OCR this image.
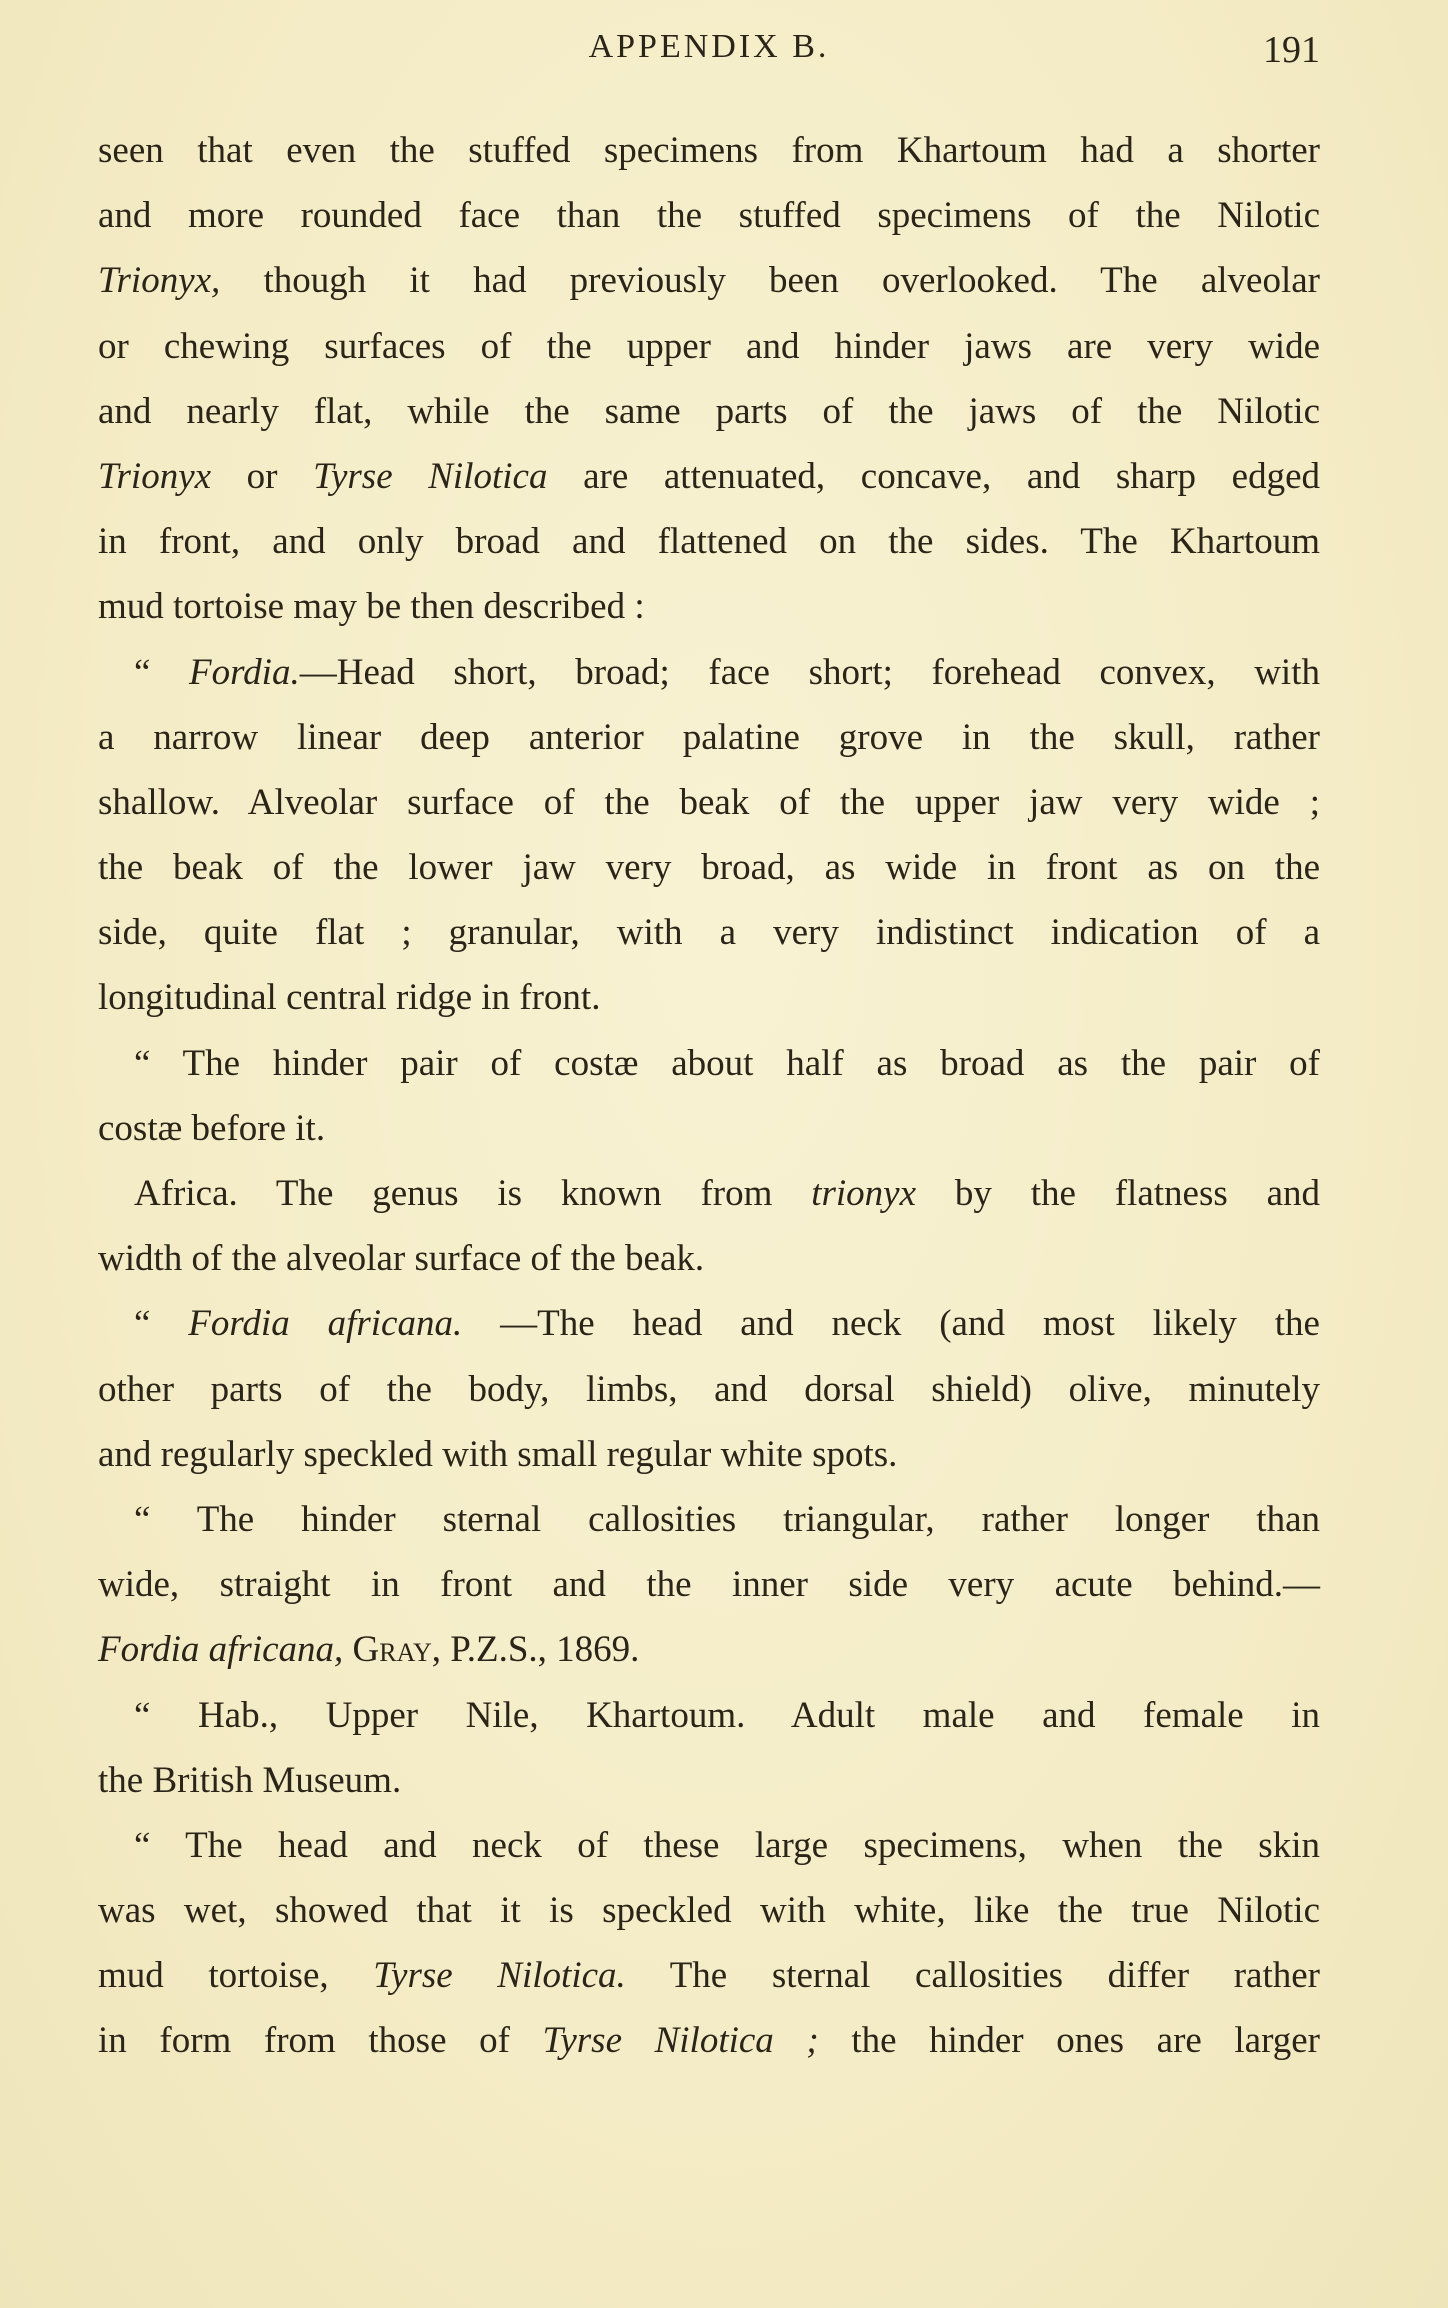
APPENDIX B.	191
seen that even the stuffed specimens from Khartoum had a shorter
and more rounded face than the stuffed specimens of the Nilotic
Trionyx, though it had previously been overlooked. The alveolar
or chewing surfaces of the upper and hinder jaws are very wide
and nearly flat, while the same parts of the jaws of the Nilotic
Trionyx or Tyrse Nilotica are attenuated, concave, and sharp edged
in front, and only broad and flattened on the sides. The Khartoum
mud tortoise may be then described :
“ Fordia.—Head short, broad; face short; forehead convex, with
a narrow linear deep anterior palatine grove in the skull, rather
shallow. Alveolar surface of the beak of the upper jaw very wide ;
the beak of the lower jaw very broad, as wide in front as on the
side, quite flat ; granular, with a very indistinct indication of a
longitudinal central ridge in front.
“ The hinder pair of costæ about half as broad as the pair of
costæ before it.
Africa. The genus is known from trionyx by the flatness and
width of the alveolar surface of the beak.
“ Fordia africana. —The head and neck (and most likely the
other parts of the body, limbs, and dorsal shield) olive, minutely
and regularly speckled with small regular white spots.
“ The hinder sternal callosities triangular, rather longer than
wide, straight in front and the inner side very acute behind.—
Fordia africana, Gray, P.Z.S., 1869.
“ Hab., Upper Nile, Khartoum. Adult male and female in
the British Museum.
“ The head and neck of these large specimens, when the skin
was wet, showed that it is speckled with white, like the true Nilotic
mud tortoise, Tyrse Nilotica. The sternal callosities differ rather
in form from those of Tyrse Nilotica ; the hinder ones are larger
